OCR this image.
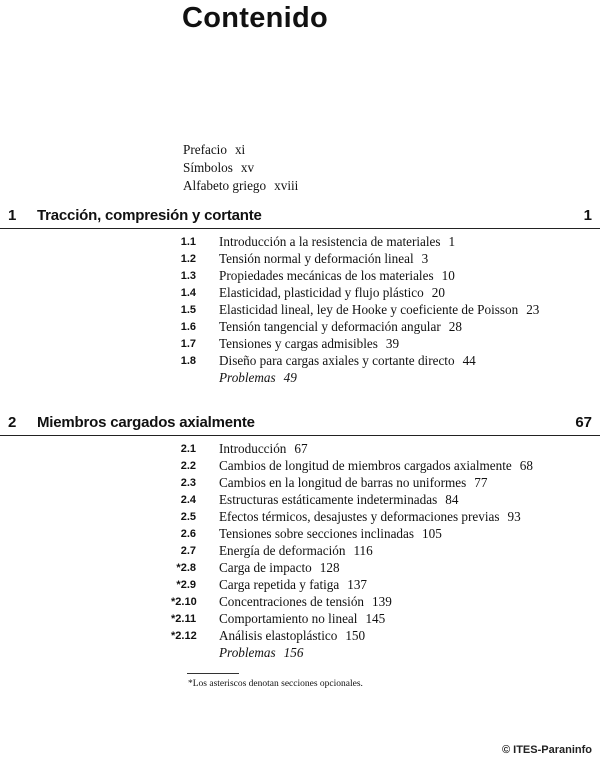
Contenido
Prefacio xi
Símbolos xv
Alfabeto griego xviii
1 Tracción, compresión y cortante	1
1.1 Introducción a la resistencia de materiales 1
1.2 Tensión normal y deformación lineal 3
1.3 Propiedades mecánicas de los materiales 10
1.4 Elasticidad, plasticidad y flujo plástico 20
1.5 Elasticidad lineal, ley de Hooke y coeficiente de Poisson 23
1.6 Tensión tangencial y deformación angular 28
1.7 Tensiones y cargas admisibles 39
1.8 Diseño para cargas axiales y cortante directo 44
Problemas 49
2 Miembros cargados axialmente	67
2.1 Introducción 67
2.2 Cambios de longitud de miembros cargados axialmente 68
2.3 Cambios en la longitud de barras no uniformes 77
2.4 Estructuras estáticamente indeterminadas 84
2.5 Efectos térmicos, desajustes y deformaciones previas 93
2.6 Tensiones sobre secciones inclinadas 105
2.7 Energía de deformación 116
*2.8 Carga de impacto 128
*2.9 Carga repetida y fatiga 137
*2.10 Concentraciones de tensión 139
*2.11 Comportamiento no lineal 145
*2.12 Análisis elastoplástico 150
Problemas 156
*Los asteriscos denotan secciones opcionales.
© ITES-Paraninfo
